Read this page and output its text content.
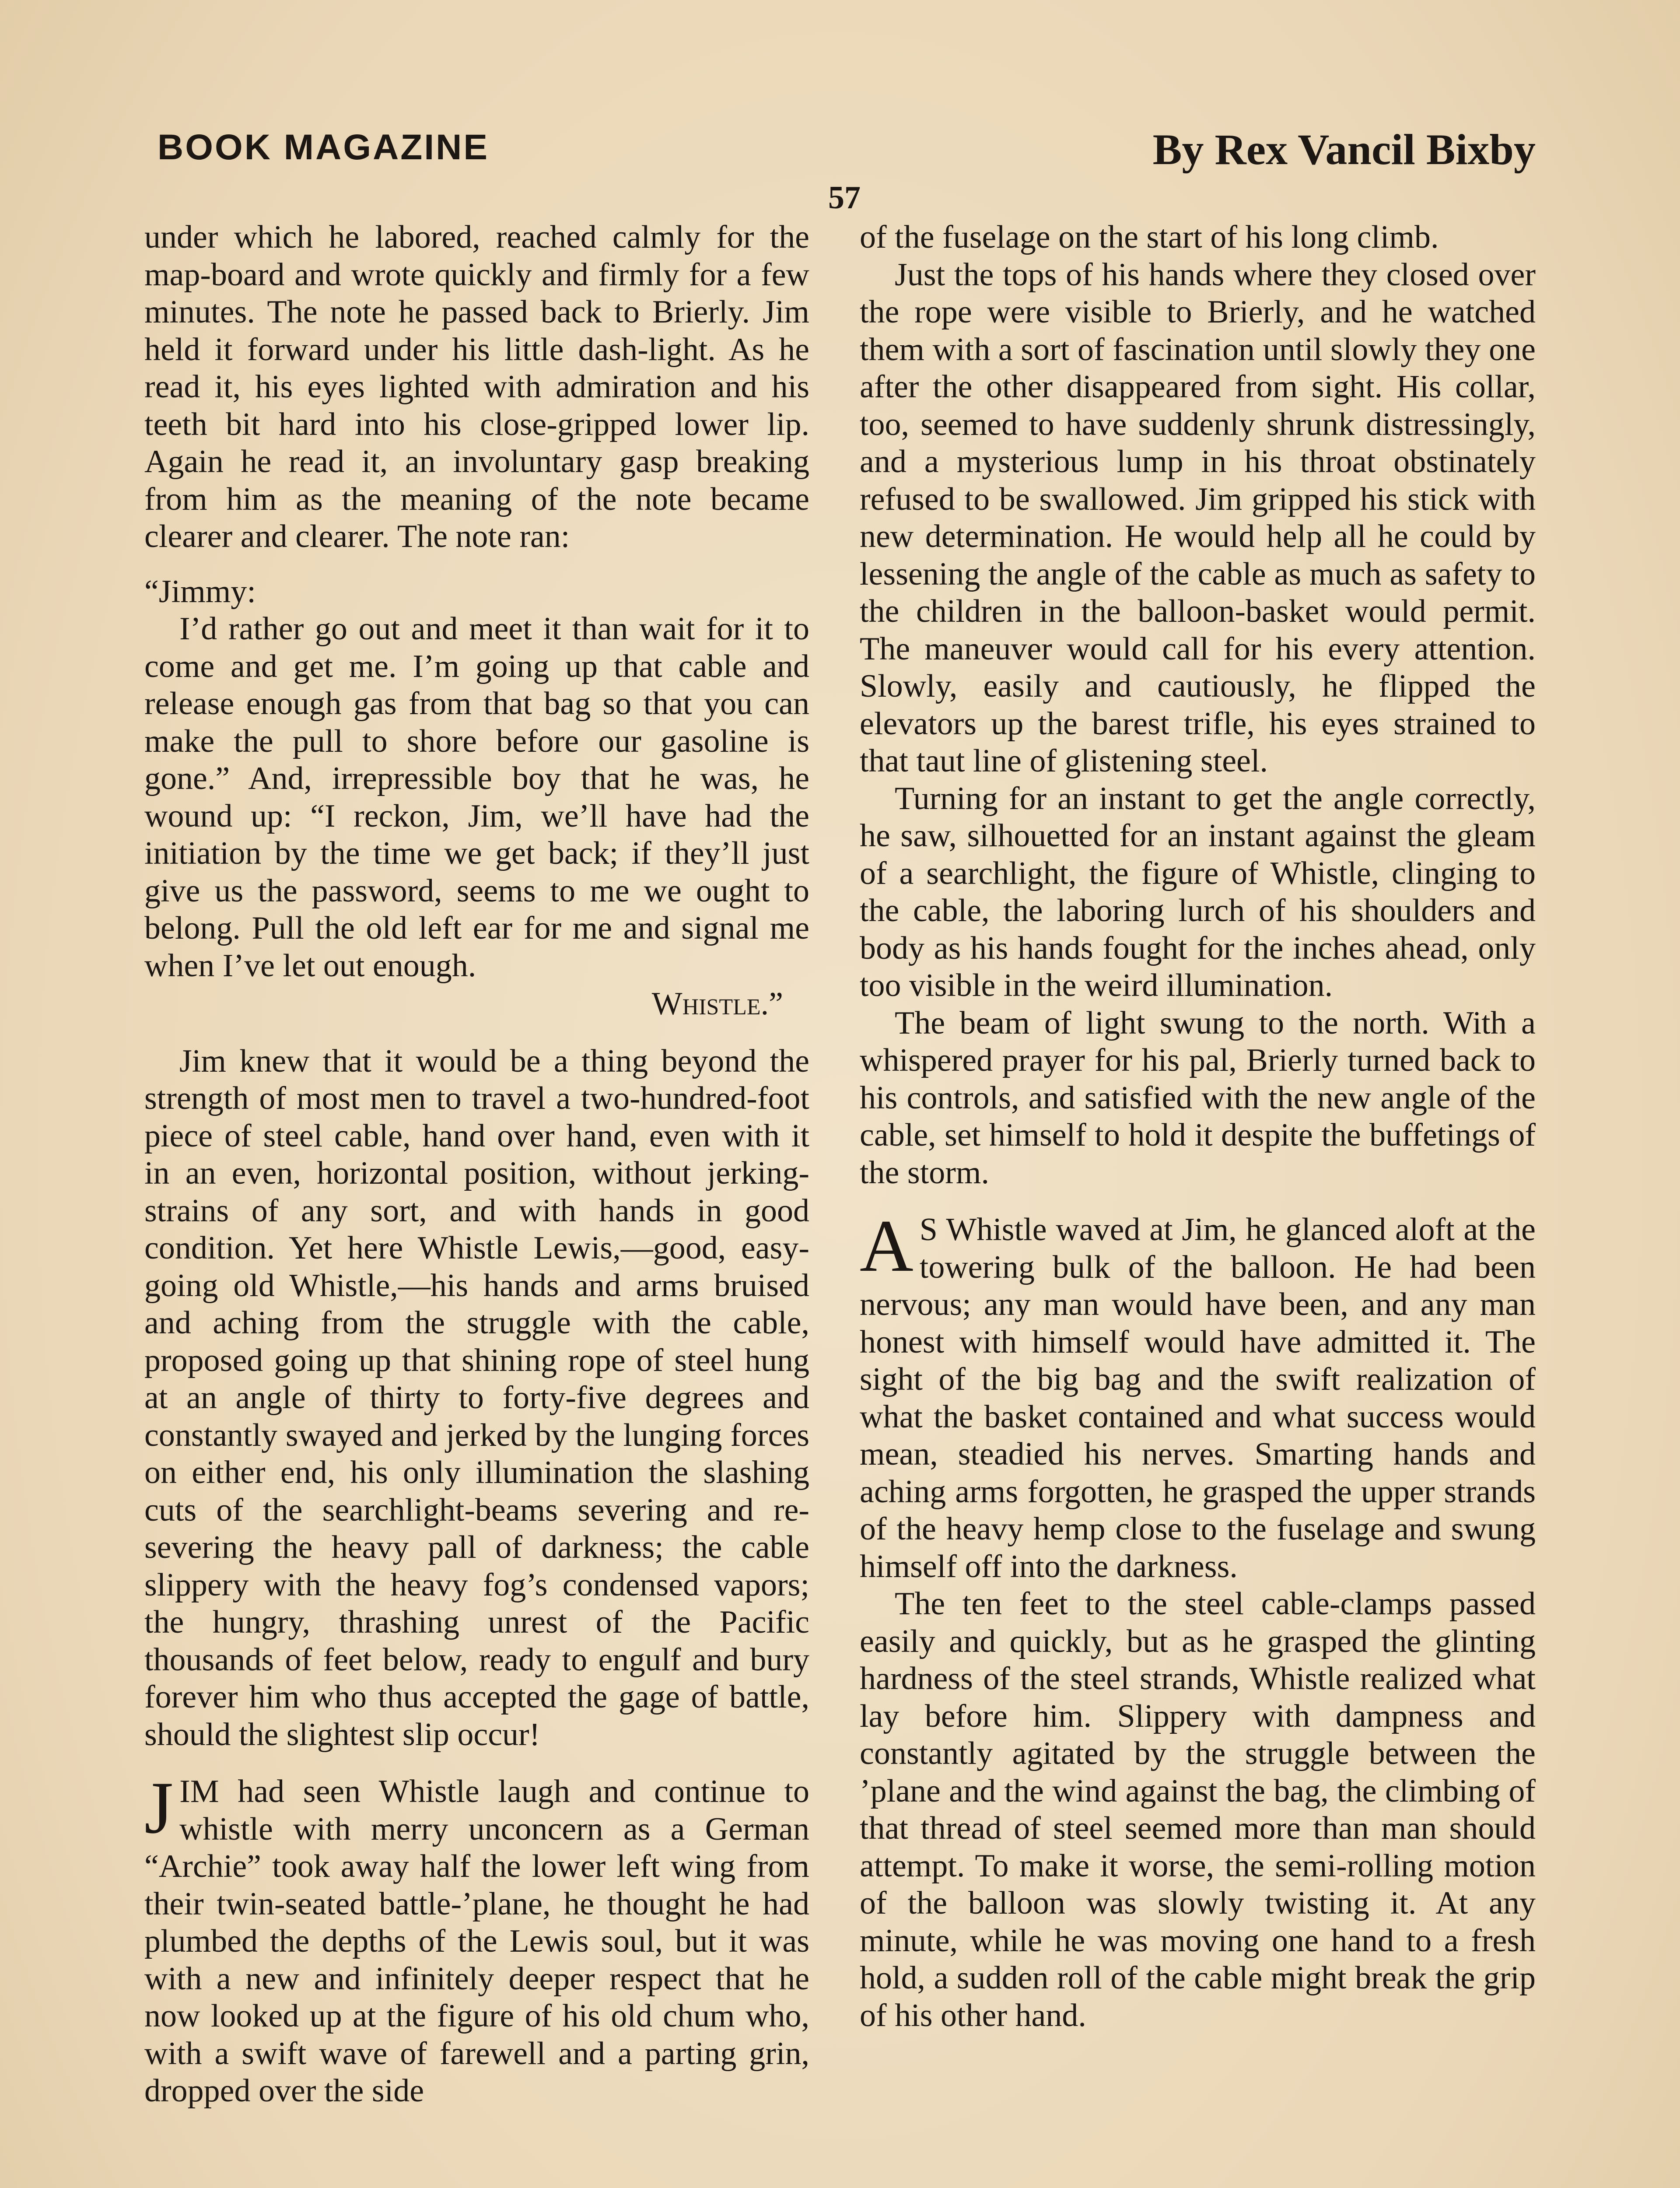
BOOK MAGAZINE	By Rex Vancil Bixby
57

under which he labored, reached calmly for the map-board and wrote quickly and firmly for a few minutes. The note he passed back to Brierly. Jim held it forward under his little dash-light. As he read it, his eyes lighted with admiration and his teeth bit hard into his close-gripped lower lip. Again he read it, an involuntary gasp breaking from him as the meaning of the note became clearer and clearer. The note ran:

“Jimmy:

I’d rather go out and meet it than wait for it to come and get me. I’m going up that cable and release enough gas from that bag so that you can make the pull to shore before our gasoline is gone.” And, irrepressible boy that he was, he wound up: “I reckon, Jim, we’ll have had the initiation by the time we get back; if they’ll just give us the password, seems to me we ought to belong. Pull the old left ear for me and signal me when I’ve let out enough.

Whistle.”

Jim knew that it would be a thing beyond the strength of most men to travel a two-hundred-foot piece of steel cable, hand over hand, even with it in an even, horizontal position, without jerking-strains of any sort, and with hands in good condition. Yet here Whistle Lewis,—good, easy-going old Whistle,—his hands and arms bruised and aching from the struggle with the cable, proposed going up that shining rope of steel hung at an angle of thirty to forty-five degrees and constantly swayed and jerked by the lunging forces on either end, his only illumination the slashing cuts of the searchlight-beams severing and re-severing the heavy pall of darkness; the cable slippery with the heavy fog’s condensed vapors; the hungry, thrashing unrest of the Pacific thousands of feet below, ready to engulf and bury forever him who thus accepted the gage of battle, should the slightest slip occur!

JIM had seen Whistle laugh and continue to whistle with merry unconcern as a German “Archie” took away half the lower left wing from their twin-seated battle-’plane, he thought he had plumbed the depths of the Lewis soul, but it was with a new and infinitely deeper respect that he now looked up at the figure of his old chum who, with a swift wave of farewell and a parting grin, dropped over the side

of the fuselage on the start of his long climb.

Just the tops of his hands where they closed over the rope were visible to Brierly, and he watched them with a sort of fascination until slowly they one after the other disappeared from sight. His collar, too, seemed to have suddenly shrunk distressingly, and a mysterious lump in his throat obstinately refused to be swallowed. Jim gripped his stick with new determination. He would help all he could by lessening the angle of the cable as much as safety to the children in the balloon-basket would permit. The maneuver would call for his every attention. Slowly, easily and cautiously, he flipped the elevators up the barest trifle, his eyes strained to that taut line of glistening steel.

Turning for an instant to get the angle correctly, he saw, silhouetted for an instant against the gleam of a searchlight, the figure of Whistle, clinging to the cable, the laboring lurch of his shoulders and body as his hands fought for the inches ahead, only too visible in the weird illumination.

The beam of light swung to the north. With a whispered prayer for his pal, Brierly turned back to his controls, and satisfied with the new angle of the cable, set himself to hold it despite the buffetings of the storm.

A S Whistle waved at Jim, he glanced aloft at the towering bulk of the balloon. He had been nervous; any man would have been, and any man honest with himself would have admitted it. The sight of the big bag and the swift realization of what the basket contained and what success would mean, steadied his nerves. Smarting hands and aching arms forgotten, he grasped the upper strands of the heavy hemp close to the fuselage and swung himself off into the darkness.

The ten feet to the steel cable-clamps passed easily and quickly, but as he grasped the glinting hardness of the steel strands, Whistle realized what lay before him. Slippery with dampness and constantly agitated by the struggle between the ’plane and the wind against the bag, the climbing of that thread of steel seemed more than man should attempt. To make it worse, the semi-rolling motion of the balloon was slowly twisting it. At any minute, while he was moving one hand to a fresh hold, a sudden roll of the cable might break the grip of his other hand.
